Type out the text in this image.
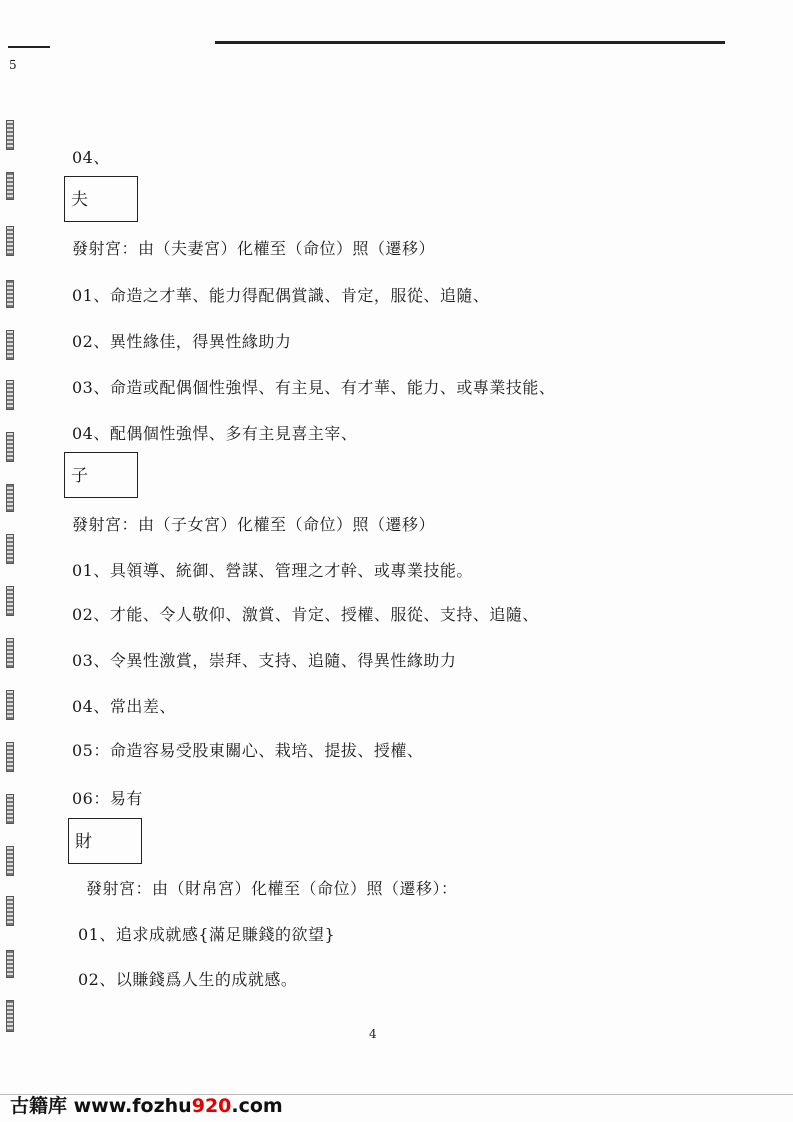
5
04、
夫
發射宮：由（夫妻宮）化權至（命位）照（遷移）
01、命造之才華、能力得配偶賞識、肯定，服從、追隨、
02、異性緣佳，得異性緣助力
03、命造或配偶個性強悍、有主見、有才華、能力、或專業技能、
04、配偶個性強悍、多有主見喜主宰、
子
發射宮：由（子女宮）化權至（命位）照（遷移）
01、具領導、統御、營謀、管理之才幹、或專業技能。
02、才能、令人敬仰、激賞、肯定、授權、服從、支持、追隨、
03、令異性激賞，崇拜、支持、追隨、得異性緣助力
04、常出差、
05：命造容易受股東關心、栽培、提拔、授權、
06：易有
財
發射宮：由（財帛宮）化權至（命位）照（遷移）：
01、追求成就感{滿足賺錢的欲望}
02、以賺錢爲人生的成就感。
4
古籍库 www.fozhu920.com
